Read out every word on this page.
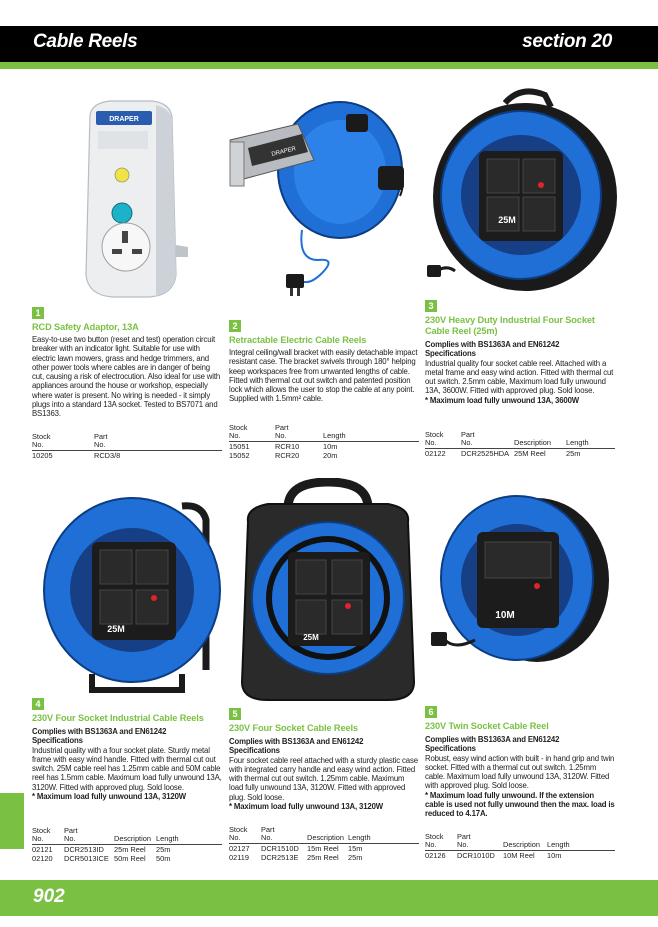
Cable Reels	section 20
DRAPER
1
RCD Safety Adaptor, 13A
Easy-to-use two button (reset and test) operation circuit breaker with an indicator light. Suitable for use with electric lawn mowers, grass and hedge trimmers, and other power tools where cables are in danger of being cut, causing a risk of electrocution. Also ideal for use with appliances around the house or workshop, especially where water is present. No wiring is needed - it simply plugs into a standard 13A socket. Tested to BS7071 and BS1363.
Stock
No.	Part
No.
10205	RCD3/8
DRAPER
2
Retractable Electric Cable Reels
Integral ceiling/wall bracket with easily detachable impact resistant case. The bracket swivels through 180° helping keep workspaces free from unwanted lengths of cable. Fitted with thermal cut out switch and patented position lock which allows the user to stop the cable at any point. Supplied with 1.5mm² cable.
Stock
No.	Part
No.	Length
15051	RCR10	10m
15052	RCR20	20m
25M
3
230V Heavy Duty Industrial Four Socket Cable Reel (25m)
Complies with BS1363A and EN61242
Specifications
Industrial quality four socket cable reel. Attached with a metal frame and easy wind action. Fitted with thermal cut out switch. 2.5mm cable, Maximum load fully unwound 13A, 3600W. Fitted with approved plug. Sold loose.
* Maximum load fully unwound 13A, 3600W
Stock
No.	Part
No.	Description	Length
02122	DCR2525HDA	25M Reel	25m
25M
4
230V Four Socket Industrial Cable Reels
Complies with BS1363A and EN61242
Specifications
Industrial quality with a four socket plate. Sturdy metal frame with easy wind handle. Fitted with thermal cut out switch. 25M cable reel has 1.25mm cable and 50M cable reel has 1.5mm cable. Maximum load fully unwound 13A, 3120W. Fitted with approved plug. Sold loose.
* Maximum load fully unwound 13A, 3120W
Stock
No.	Part
No.	Description	Length
02121	DCR2513ID	25m Reel	25m
02120	DCR5013ICE	50m Reel	50m
25M
5
230V Four Socket Cable Reels
Complies with BS1363A and EN61242
Specifications
Four socket cable reel attached with a sturdy plastic case with integrated carry handle and easy wind action. Fitted with thermal cut out switch. 1.25mm cable. Maximum load fully unwound 13A, 3120W. Fitted with approved plug. Sold loose.
* Maximum load fully unwound 13A, 3120W
Stock
No.	Part
No.	Description	Length
02127	DCR1510D	15m Reel	15m
02119	DCR2513E	25m Reel	25m
10M
6
230V Twin Socket Cable Reel
Complies with BS1363A and EN61242
Specifications
Robust, easy wind action with built - in hand grip and twin socket. Fitted with a thermal cut out switch. 1.25mm cable. Maximum load fully unwound 13A, 3120W. Fitted with approved plug. Sold loose.
* Maximum load fully unwound. If the extension cable is used not fully unwound then the max. load is reduced to 4.17A.
Stock
No.	Part
No.	Description	Length
02126	DCR1010D	10M Reel	10m
902
